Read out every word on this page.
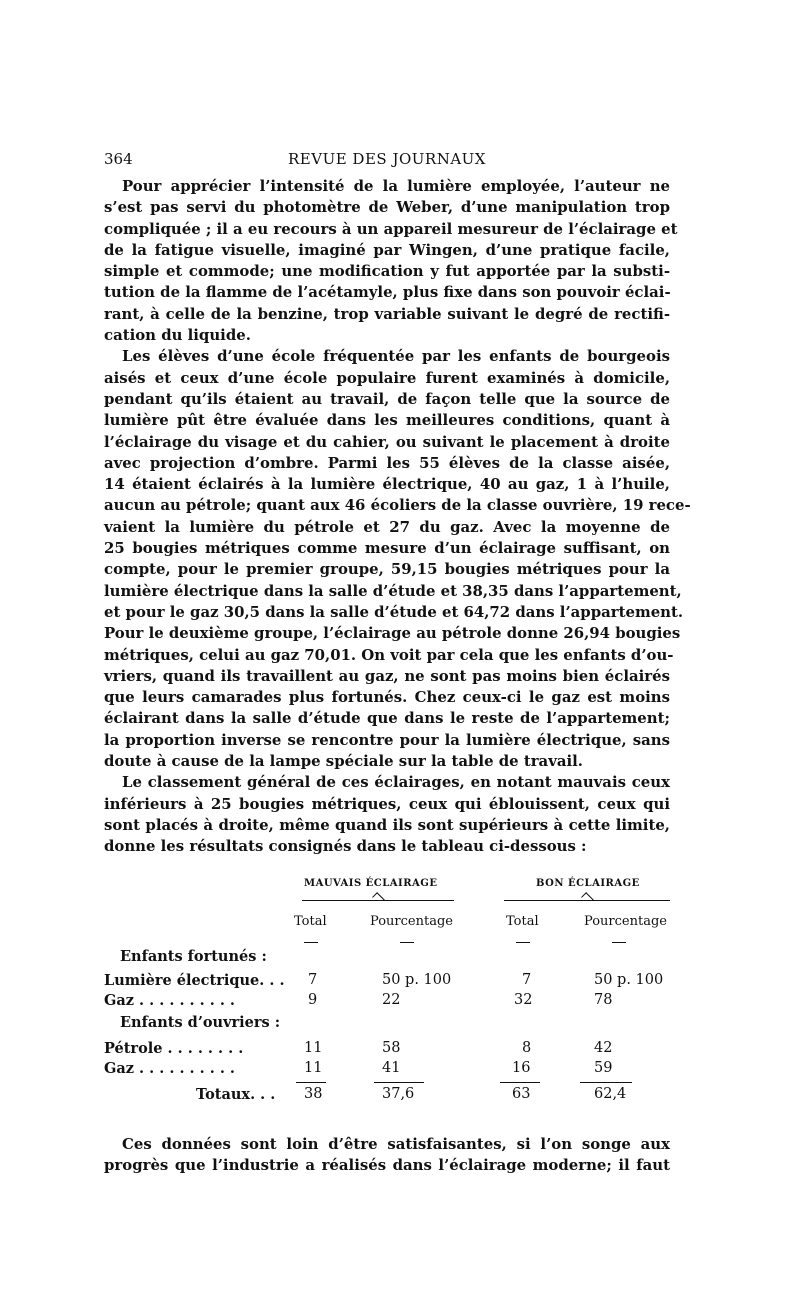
364	REVUE DES JOURNAUX

Pour apprécier l’intensité de la lumière employée, l’auteur ne
s’est pas servi du photomètre de Weber, d’une manipulation trop
compliquée ; il a eu recours à un appareil mesureur de l’éclairage et
de la fatigue visuelle, imaginé par Wingen, d’une pratique facile,
simple et commode; une modification y fut apportée par la substi-
tution de la flamme de l’acétamyle, plus fixe dans son pouvoir éclai-
rant, à celle de la benzine, trop variable suivant le degré de rectifi-
cation du liquide.

Les élèves d’une école fréquentée par les enfants de bourgeois
aisés et ceux d’une école populaire furent examinés à domicile,
pendant qu’ils étaient au travail, de façon telle que la source de
lumière pût être évaluée dans les meilleures conditions, quant à
l’éclairage du visage et du cahier, ou suivant le placement à droite
avec projection d’ombre. Parmi les 55 élèves de la classe aisée,
14 étaient éclairés à la lumière électrique, 40 au gaz, 1 à l’huile,
aucun au pétrole; quant aux 46 écoliers de la classe ouvrière, 19 rece-
vaient la lumière du pétrole et 27 du gaz. Avec la moyenne de
25 bougies métriques comme mesure d’un éclairage suffisant, on
compte, pour le premier groupe, 59,15 bougies métriques pour la
lumière électrique dans la salle d’étude et 38,35 dans l’appartement,
et pour le gaz 30,5 dans la salle d’étude et 64,72 dans l’appartement.
Pour le deuxième groupe, l’éclairage au pétrole donne 26,94 bougies
métriques, celui au gaz 70,01. On voit par cela que les enfants d’ou-
vriers, quand ils travaillent au gaz, ne sont pas moins bien éclairés
que leurs camarades plus fortunés. Chez ceux-ci le gaz est moins
éclairant dans la salle d’étude que dans le reste de l’appartement;
la proportion inverse se rencontre pour la lumière électrique, sans
doute à cause de la lampe spéciale sur la table de travail.

Le classement général de ces éclairages, en notant mauvais ceux
inférieurs à 25 bougies métriques, ceux qui éblouissent, ceux qui
sont placés à droite, même quand ils sont supérieurs à cette limite,
donne les résultats consignés dans le tableau ci-dessous :

MAUVAIS ÉCLAIRAGE	BON ÉCLAIRAGE
Total	Pourcentage	Total	Pourcentage
Enfants fortunés :
Lumière électrique. . . 7	50 p. 100	7	50 p. 100
Gaz . . . . . . . . . .	9	22	32	78
Enfants d’ouvriers :
Pétrole . . . . . . . .	11	58	8	42
Gaz . . . . . . . . . .	11	41	16	59
Totaux. . . 38	37,6	63	62,4

Ces données sont loin d’être satisfaisantes, si l’on songe aux
progrès que l’industrie a réalisés dans l’éclairage moderne; il faut
